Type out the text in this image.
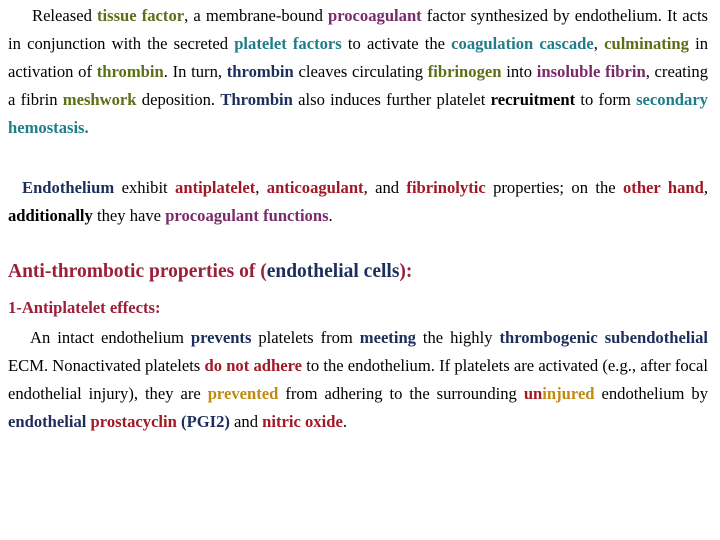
Released tissue factor, a membrane-bound procoagulant factor synthesized by endothelium. It acts in conjunction with the secreted platelet factors to activate the coagulation cascade, culminating in activation of thrombin. In turn, thrombin cleaves circulating fibrinogen into insoluble fibrin, creating a fibrin meshwork deposition. Thrombin also induces further platelet recruitment to form secondary hemostasis.

Endothelium exhibit antiplatelet, anticoagulant, and fibrinolytic properties; on the other hand, additionally they have procoagulant functions.

Anti-thrombotic properties of (endothelial cells):

1-Antiplatelet effects:

An intact endothelium prevents platelets from meeting the highly thrombogenic subendothelial ECM. Nonactivated platelets do not adhere to the endothelium. If platelets are activated (e.g., after focal endothelial injury), they are prevented from adhering to the surrounding uninjured endothelium by endothelial prostacyclin (PGI2) and nitric oxide.
